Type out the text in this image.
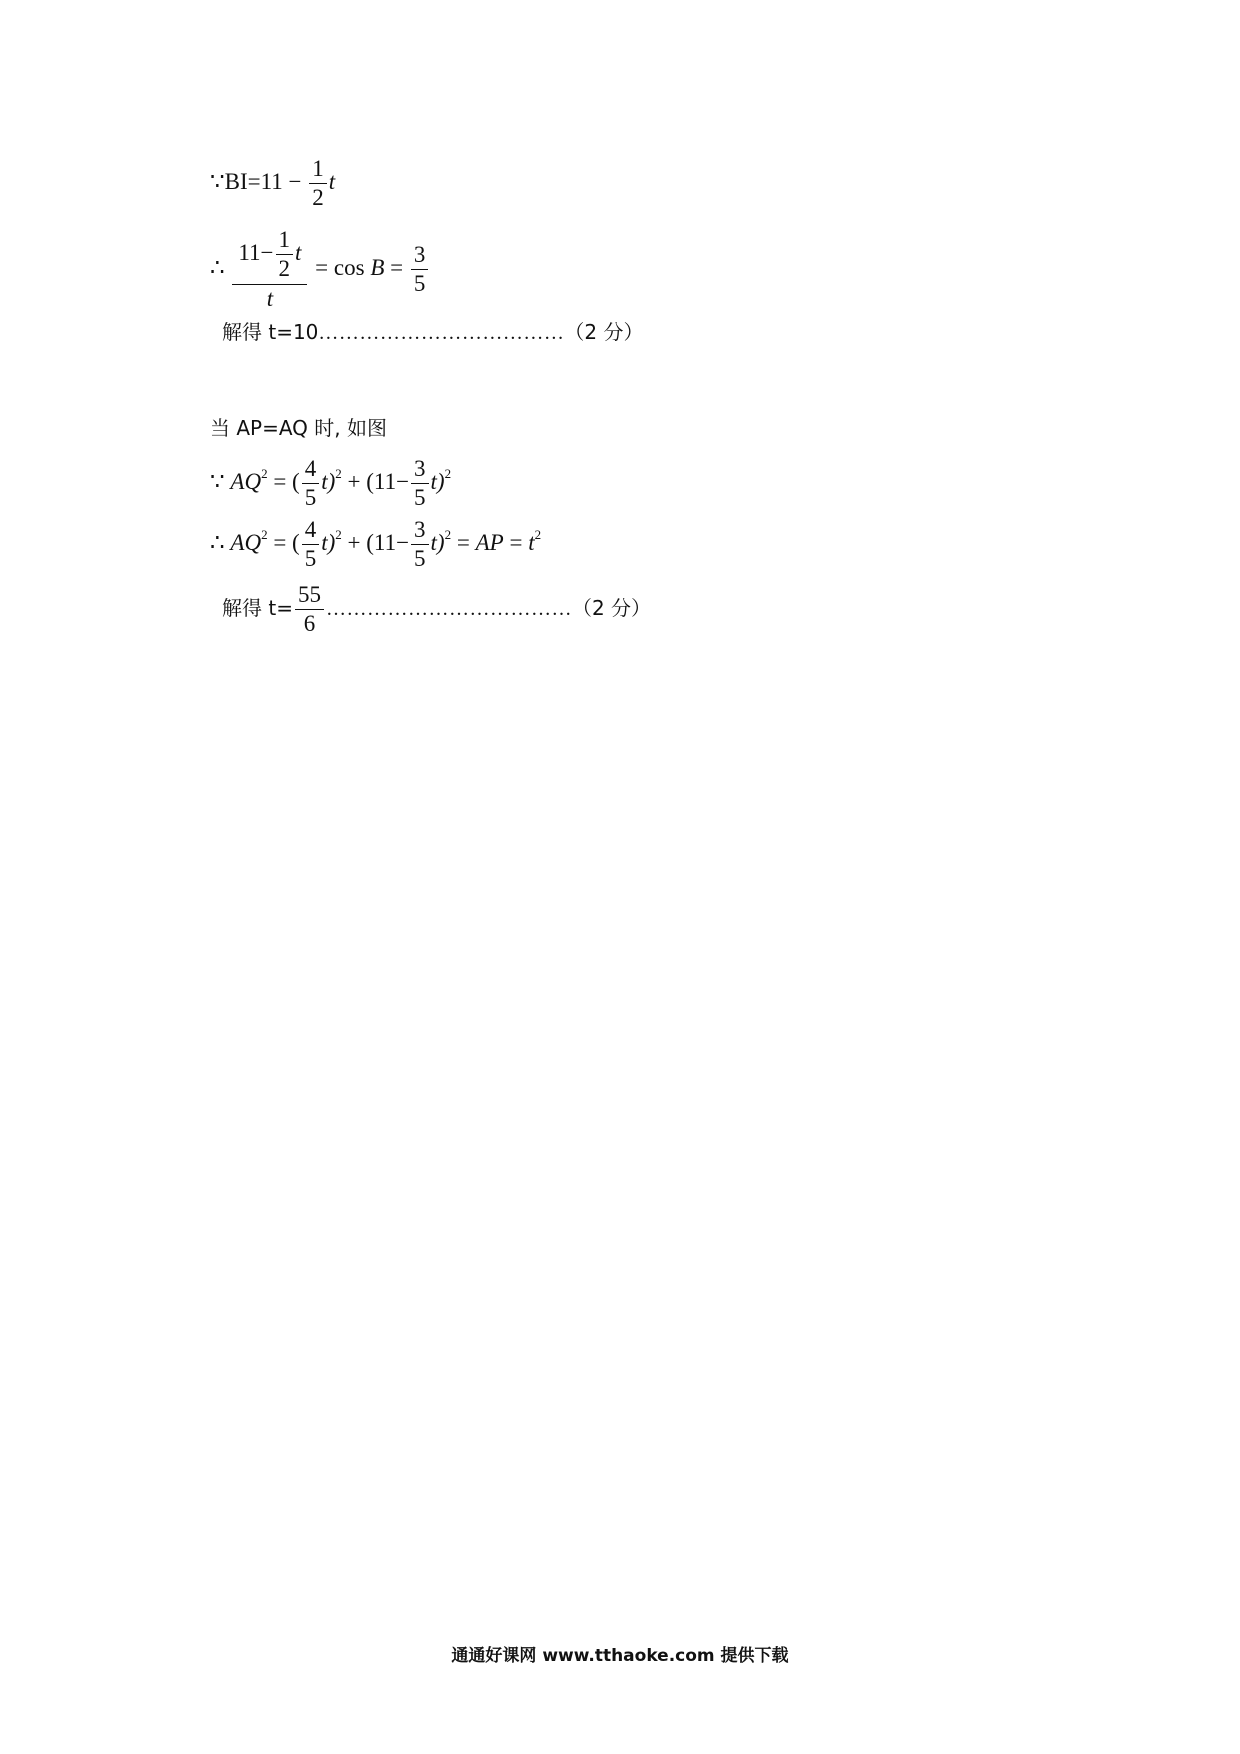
∵BI=11 − $\frac{1}{2}$ t
∴ $\frac{11- \frac{1}{2} t}{t} = \cos B = \frac{3}{5}$
解得 t=10………………………………（2 分）
当 AP=AQ 时, 如图
∵ $AQ^2$ = ( $\frac{4}{5} t)^2 + (11- \frac{3}{5} t)^2$
∴ $AQ^2$ = ( $\frac{4}{5} t)^2 + (11- \frac{3}{5} t)^2$ = AP = $t^2$
解得 $t= \frac{55}{6}$ ………………………………（2 分）
通通好课网 www.tthaoke.com 提供下载
